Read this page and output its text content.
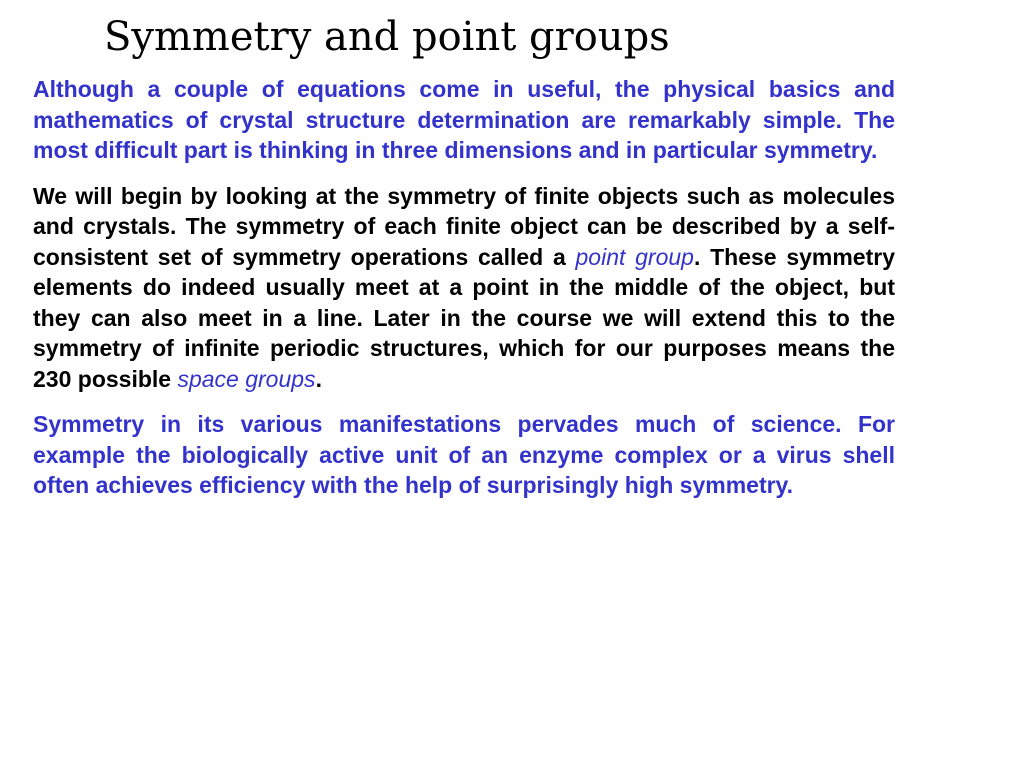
Symmetry and point groups

Although a couple of equations come in useful, the physical basics and mathematics of crystal structure determination are remarkably simple. The most difficult part is thinking in three dimensions and in particular symmetry.

We will begin by looking at the symmetry of finite objects such as molecules and crystals. The symmetry of each finite object can be described by a self-consistent set of symmetry operations called a point group. These symmetry elements do indeed usually meet at a point in the middle of the object, but they can also meet in a line. Later in the course we will extend this to the symmetry of infinite periodic structures, which for our purposes means the 230 possible space groups.

Symmetry in its various manifestations pervades much of science. For example the biologically active unit of an enzyme complex or a virus shell often achieves efficiency with the help of surprisingly high symmetry.
